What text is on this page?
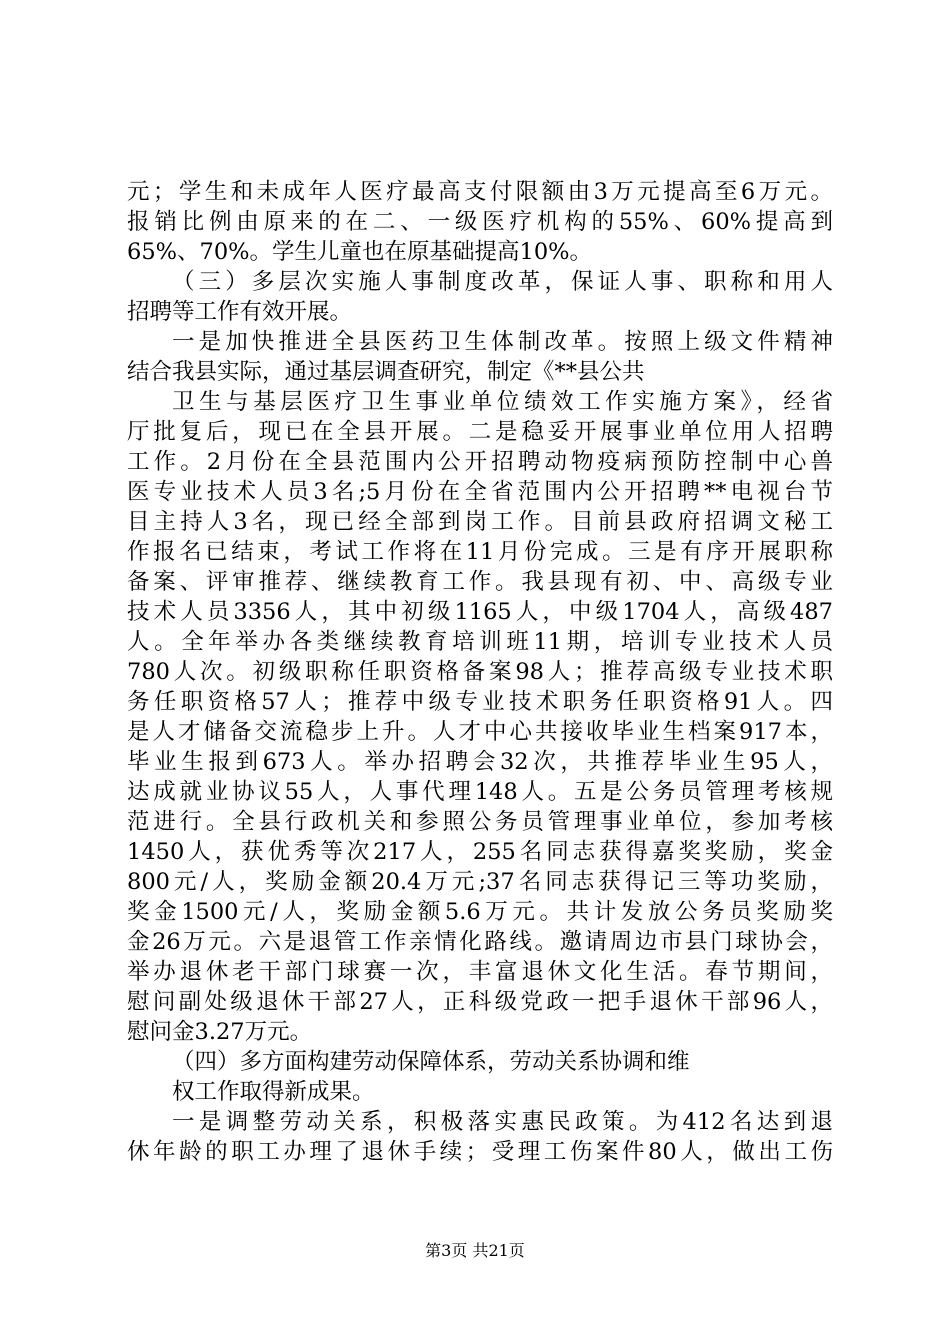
元；学生和未成年人医疗最高支付限额由3万元提高至6万元。
报销比例由原来的在二、一级医疗机构的55%、60%提高到
65%、70%。学生儿童也在原基础提高10%。
（三）多层次实施人事制度改革，保证人事、职称和用人
招聘等工作有效开展。
一是加快推进全县医药卫生体制改革。按照上级文件精神
结合我县实际，通过基层调查研究，制定《**县公共
卫生与基层医疗卫生事业单位绩效工作实施方案》，经省
厅批复后，现已在全县开展。二是稳妥开展事业单位用人招聘
工作。2月份在全县范围内公开招聘动物疫病预防控制中心兽
医专业技术人员3名;5月份在全省范围内公开招聘**电视台节
目主持人3名，现已经全部到岗工作。目前县政府招调文秘工
作报名已结束，考试工作将在11月份完成。三是有序开展职称
备案、评审推荐、继续教育工作。我县现有初、中、高级专业
技术人员3356人，其中初级1165人，中级1704人，高级487
人。全年举办各类继续教育培训班11期，培训专业技术人员
780人次。初级职称任职资格备案98人；推荐高级专业技术职
务任职资格57人；推荐中级专业技术职务任职资格91人。四
是人才储备交流稳步上升。人才中心共接收毕业生档案917本，
毕业生报到673人。举办招聘会32次，共推荐毕业生95人，
达成就业协议55人，人事代理148人。五是公务员管理考核规
范进行。全县行政机关和参照公务员管理事业单位，参加考核
1450人，获优秀等次217人，255名同志获得嘉奖奖励，奖金
800元/人，奖励金额20.4万元;37名同志获得记三等功奖励，
奖金1500元/人，奖励金额5.6万元。共计发放公务员奖励奖
金26万元。六是退管工作亲情化路线。邀请周边市县门球协会，
举办退休老干部门球赛一次，丰富退休文化生活。春节期间，
慰问副处级退休干部27人，正科级党政一把手退休干部96人，
慰问金3.27万元。
（四）多方面构建劳动保障体系，劳动关系协调和维
权工作取得新成果。
一是调整劳动关系，积极落实惠民政策。为412名达到退
休年龄的职工办理了退休手续；受理工伤案件80人，做出工伤
第3页 共21页
